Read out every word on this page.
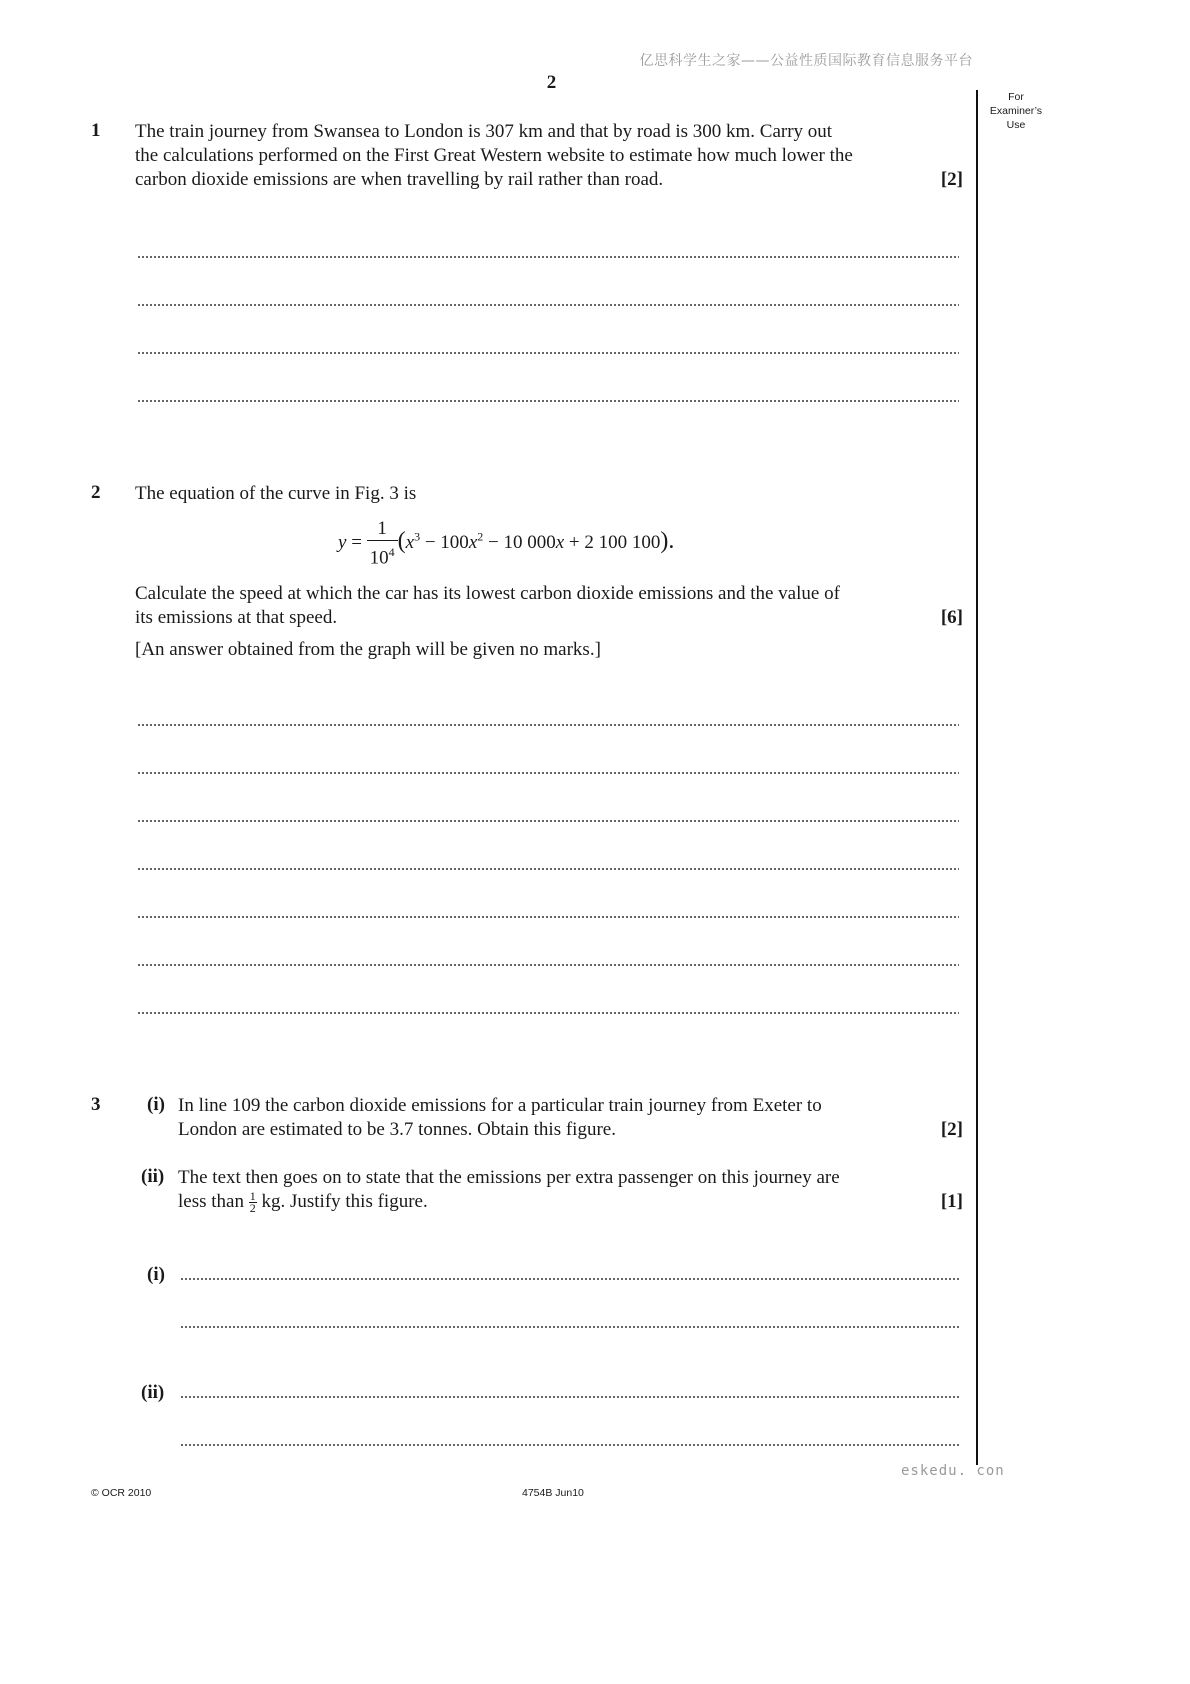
亿思科学生之家——公益性质国际教育信息服务平台
2
For
Examiner’s
Use
1 The train journey from Swansea to London is 307 km and that by road is 300 km. Carry out
the calculations performed on the First Great Western website to estimate how much lower the
carbon dioxide emissions are when travelling by rail rather than road.	[2]
2 The equation of the curve in Fig. 3 is
$y = \frac{1}{10^4} (x^3 - 100x^2 - 10$ 000x + 2 100 100).
Calculate the speed at which the car has its lowest carbon dioxide emissions and the value of
its emissions at that speed.	[6]
[An answer obtained from the graph will be given no marks.]
3 (i) In line 109 the carbon dioxide emissions for a particular train journey from Exeter to
London are estimated to be 3.7 tonnes. Obtain this figure.	[2]
(ii) The text then goes on to state that the emissions per extra passenger on this journey are
less than $\frac{1}{2}$ kg. Justify this figure.	[1]
(i)
(ii)
eskedu. con
© OCR 2010	4754B Jun10
